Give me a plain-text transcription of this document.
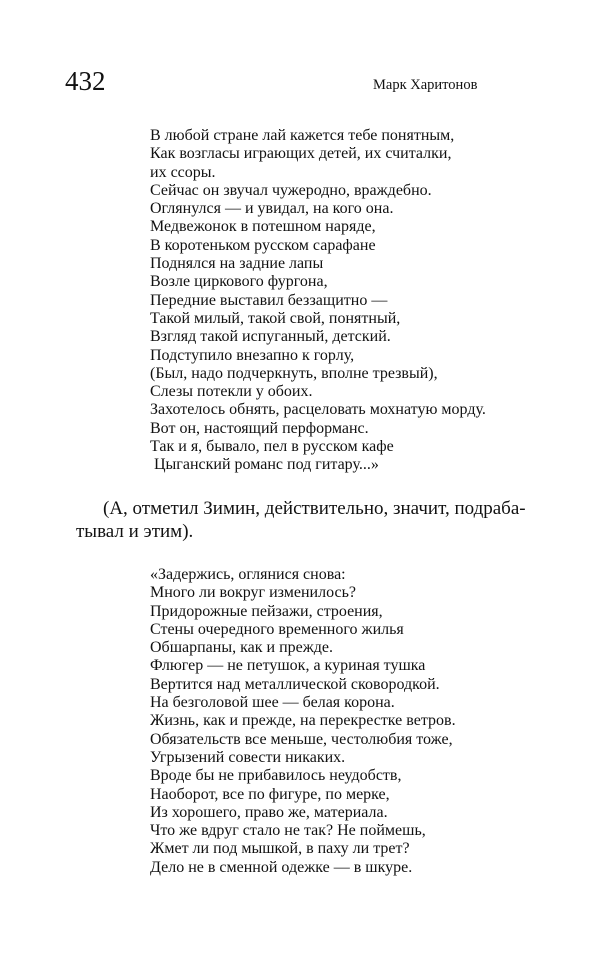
432	Марк Харитонов
В любой стране лай кажется тебе понятным,
Как возгласы играющих детей, их считалки,
их ссоры.
Сейчас он звучал чужеродно, враждебно.
Оглянулся — и увидал, на кого она.
Медвежонок в потешном наряде,
В коротеньком русском сарафане
Поднялся на задние лапы
Возле циркового фургона,
Передние выставил беззащитно —
Такой милый, такой свой, понятный,
Взгляд такой испуганный, детский.
Подступило внезапно к горлу,
(Был, надо подчеркнуть, вполне трезвый),
Слезы потекли у обоих.
Захотелось обнять, расцеловать мохнатую морду.
Вот он, настоящий перформанс.
Так и я, бывало, пел в русском кафе
Цыганский романс под гитару...»
(А, отметил Зимин, действительно, значит, подраба-
тывал и этим).
«Задержись, оглянися снова:
Много ли вокруг изменилось?
Придорожные пейзажи, строения,
Стены очередного временного жилья
Обшарпаны, как и прежде.
Флюгер — не петушок, а куриная тушка
Вертится над металлической сковородкой.
На безголовой шее — белая корона.
Жизнь, как и прежде, на перекрестке ветров.
Обязательств все меньше, честолюбия тоже,
Угрызений совести никаких.
Вроде бы не прибавилось неудобств,
Наоборот, все по фигуре, по мерке,
Из хорошего, право же, материала.
Что же вдруг стало не так? Не поймешь,
Жмет ли под мышкой, в паху ли трет?
Дело не в сменной одежке — в шкуре.
